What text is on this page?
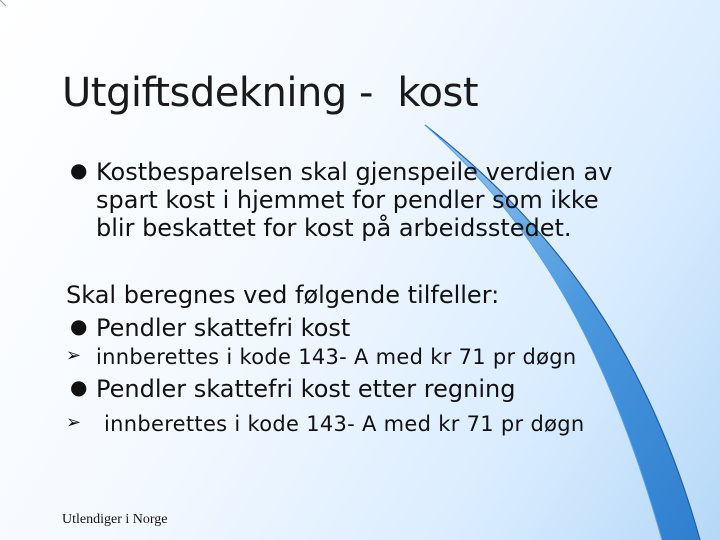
Utgiftsdekning -  kost
● Kostbesparelsen skal gjenspeile verdien av
spart kost i hjemmet for pendler som ikke
blir beskattet for kost på arbeidsstedet.
Skal beregnes ved følgende tilfeller:
● Pendler skattefri kost
➢ innberettes i kode 143- A med kr 71 pr døgn
● Pendler skattefri kost etter regning
➢ innberettes i kode 143- A med kr 71 pr døgn
Utlendiger i Norge
